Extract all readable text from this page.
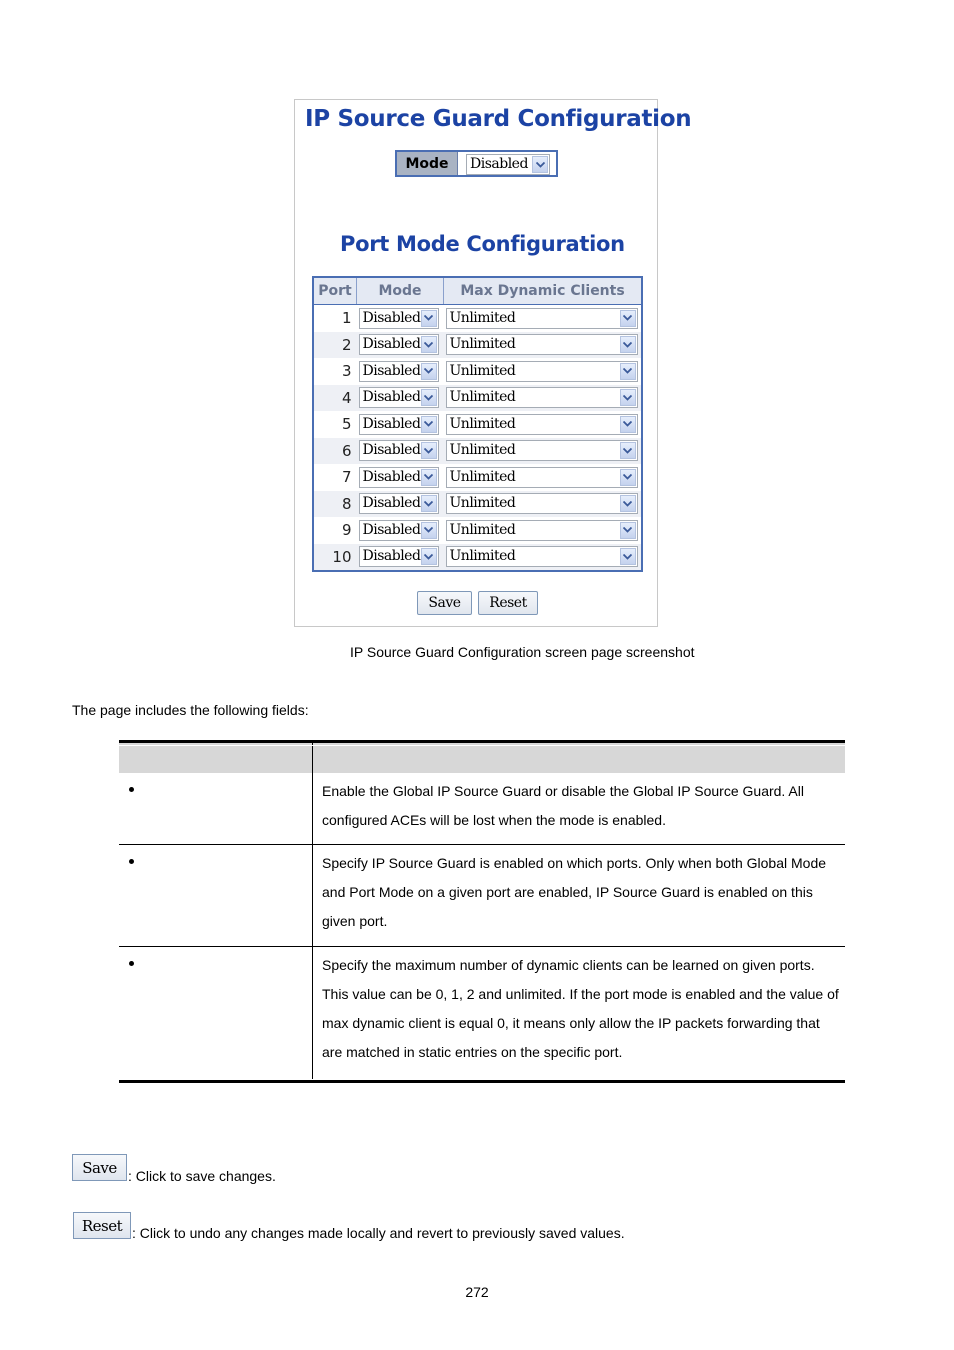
IP Source Guard Configuration
Mode	Disabled
Port Mode Configuration
Port	Mode	Max Dynamic Clients
1	Disabled	Unlimited

2	Disabled	Unlimited

3	Disabled	Unlimited

4	Disabled	Unlimited

5	Disabled	Unlimited

6	Disabled	Unlimited

7	Disabled	Unlimited

8	Disabled	Unlimited

9	Disabled	Unlimited

10	Disabled	Unlimited
Save	Reset
IP Source Guard Configuration screen page screenshot
The page includes the following fields:
Enable the Global IP Source Guard or disable the Global IP Source Guard. All configured ACEs will be lost when the mode is enabled.
Specify IP Source Guard is enabled on which ports. Only when both Global Mode and Port Mode on a given port are enabled, IP Source Guard is enabled on this given port.
Specify the maximum number of dynamic clients can be learned on given ports. This value can be 0, 1, 2 and unlimited. If the port mode is enabled and the value of max dynamic client is equal 0, it means only allow the IP packets forwarding that are matched in static entries on the specific port.
Save : Click to save changes.
Reset : Click to undo any changes made locally and revert to previously saved values.
272
